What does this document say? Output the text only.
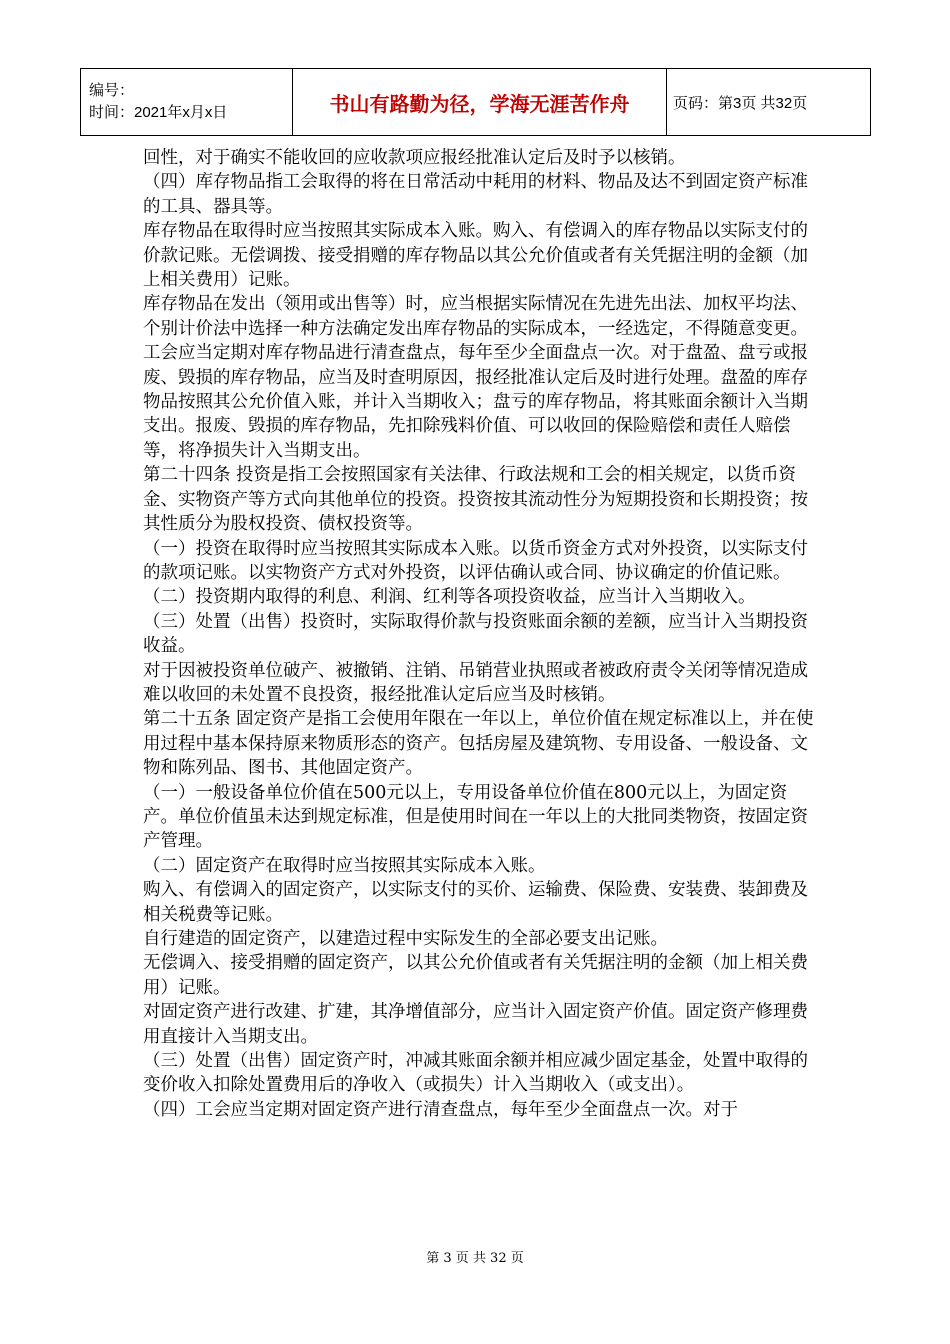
编号：
时间：2021年x月x日	书山有路勤为径，学海无涯苦作舟	页码：第3页 共32页

回性，对于确实不能收回的应收款项应报经批准认定后及时予以核销。

（四）库存物品指工会取得的将在日常活动中耗用的材料、物品及达不到固定资产标准的工具、器具等。

库存物品在取得时应当按照其实际成本入账。购入、有偿调入的库存物品以实际支付的价款记账。无偿调拨、接受捐赠的库存物品以其公允价值或者有关凭据注明的金额（加上相关费用）记账。

库存物品在发出（领用或出售等）时，应当根据实际情况在先进先出法、加权平均法、个别计价法中选择一种方法确定发出库存物品的实际成本，一经选定，不得随意变更。

工会应当定期对库存物品进行清查盘点，每年至少全面盘点一次。对于盘盈、盘亏或报废、毁损的库存物品，应当及时查明原因，报经批准认定后及时进行处理。盘盈的库存物品按照其公允价值入账，并计入当期收入；盘亏的库存物品，将其账面余额计入当期支出。报废、毁损的库存物品，先扣除残料价值、可以收回的保险赔偿和责任人赔偿等，将净损失计入当期支出。

第二十四条 投资是指工会按照国家有关法律、行政法规和工会的相关规定，以货币资金、实物资产等方式向其他单位的投资。投资按其流动性分为短期投资和长期投资；按其性质分为股权投资、债权投资等。

（一）投资在取得时应当按照其实际成本入账。以货币资金方式对外投资，以实际支付的款项记账。以实物资产方式对外投资，以评估确认或合同、协议确定的价值记账。

（二）投资期内取得的利息、利润、红利等各项投资收益，应当计入当期收入。

（三）处置（出售）投资时，实际取得价款与投资账面余额的差额，应当计入当期投资收益。

对于因被投资单位破产、被撤销、注销、吊销营业执照或者被政府责令关闭等情况造成难以收回的未处置不良投资，报经批准认定后应当及时核销。

第二十五条 固定资产是指工会使用年限在一年以上，单位价值在规定标准以上，并在使用过程中基本保持原来物质形态的资产。包括房屋及建筑物、专用设备、一般设备、文物和陈列品、图书、其他固定资产。

（一）一般设备单位价值在500元以上，专用设备单位价值在800元以上，为固定资产。单位价值虽未达到规定标准，但是使用时间在一年以上的大批同类物资，按固定资产管理。

（二）固定资产在取得时应当按照其实际成本入账。

购入、有偿调入的固定资产，以实际支付的买价、运输费、保险费、安装费、装卸费及相关税费等记账。

自行建造的固定资产，以建造过程中实际发生的全部必要支出记账。

无偿调入、接受捐赠的固定资产，以其公允价值或者有关凭据注明的金额（加上相关费用）记账。

对固定资产进行改建、扩建，其净增值部分，应当计入固定资产价值。固定资产修理费用直接计入当期支出。

（三）处置（出售）固定资产时，冲减其账面余额并相应减少固定基金，处置中取得的变价收入扣除处置费用后的净收入（或损失）计入当期收入（或支出）。

（四）工会应当定期对固定资产进行清查盘点，每年至少全面盘点一次。对于

第 3 页 共 32 页
